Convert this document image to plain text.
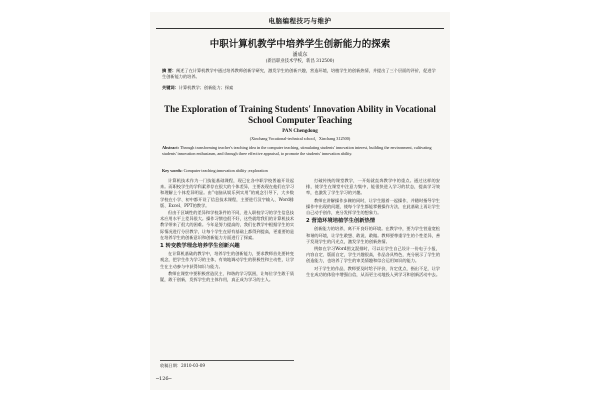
电脑编程技巧与维护
中职计算机教学中培养学生创新能力的探索
潘成东
(新昌职业技术学校，新昌 312500)
摘 要：阐述了在计算机教学中通过培养教师创新学研究，激发学生的创新兴趣，营造环境，培植学生的创新热情，并提出了三个层面的评价，促进学生创新能力的培养。
关键词：计算机教学；创新能力；探索
The Exploration of Training Students' Innovation Ability in Vocational School Computer Teaching
PAN Chengdong
(Xinchang Vocational-technical school，Xinchang 312500)
Abstract: Through transforming teacher's teaching idea in the computer teaching, stimulating students' innovation interest, building the environment, cultivating students' innovation enthusiasm, and through three effective appraisal, to promote the students' innovation ability.
Key words: Computer teaching;innovation ability ;exploration

计算机技术作为一门技能基础课程，现已在各中职学校普遍开设起来。而职校学生的学科素养存在很大的个体差异，主要表现在他们在学习和理解上个体差异明显。由“电脑从娱乐到实用”的观念引导下，大多数学校在小学、初中都开设了信息技术课程，主要进行汉字输入、Word排版、Excel、PPT的教学。

但由于区域性的差异和学校条件的不同，进入职校学习的学生信息技术应用水平上差异很大。操作习惯也很不好，这些就给我们的计算机技术教学带来了很大的困难。今年是努力提高的，我们在教学中根据学生的实际情况进行分层教学，让每个学生在原有基础上都得到提高，更重要的是在培养学生的创新意识和创新能力方面进行了探索。

1 转变教学理念培养学生创新兴趣

在计算机基础的教学中，培养学生的创新能力，要求教师首先要转变观念，把学生作为学习的主体，有效地调动学生的积极性和主动性，让学生在主动参与中获得知识与能力。

教师在课堂中要积极营造民主、和谐的学习氛围，让每位学生敢于质疑，敢于创新，发挥学生的主体作用，真正成为学习的主人。

收稿日期：2010-03-09

打破传统的课堂教学，一开始就直奔教学中的重点。通过这样的安排，使学生在课堂中注意力集中，能很快进入学习的状态，提高学习效率，也激发了学生学习的兴趣。

教师在讲解操作步骤的同时，让学生跟着一起操作，并随时指导学生操作中出现的问题，使每个学生都能掌握操作方法，在此基础上再让学生自己动手创作，充分发挥学生的想象力。

2 营造环境培植学生创新热情

创新能力的培养，离不开良好的环境。在教学中，要为学生营造宽松和谐的环境，让学生敢想、敢说、敢做。教师要尊重学生的个性差异，善于发现学生的闪光点，激发学生的创新热情。

例如在学习Word图文混排时，可以让学生自己设计一份电子小报，内容自定、版面自定，学生兴趣很高，作品各具特色，充分展示了学生的创造能力，也培养了学生的审美情趣和综合运用知识的能力。

对于学生的作品，教师要及时给予评价，肯定优点，指出不足，让学生在成功的体验中增强自信，从而更主动地投入到学习和创新活动中去。

─126─
